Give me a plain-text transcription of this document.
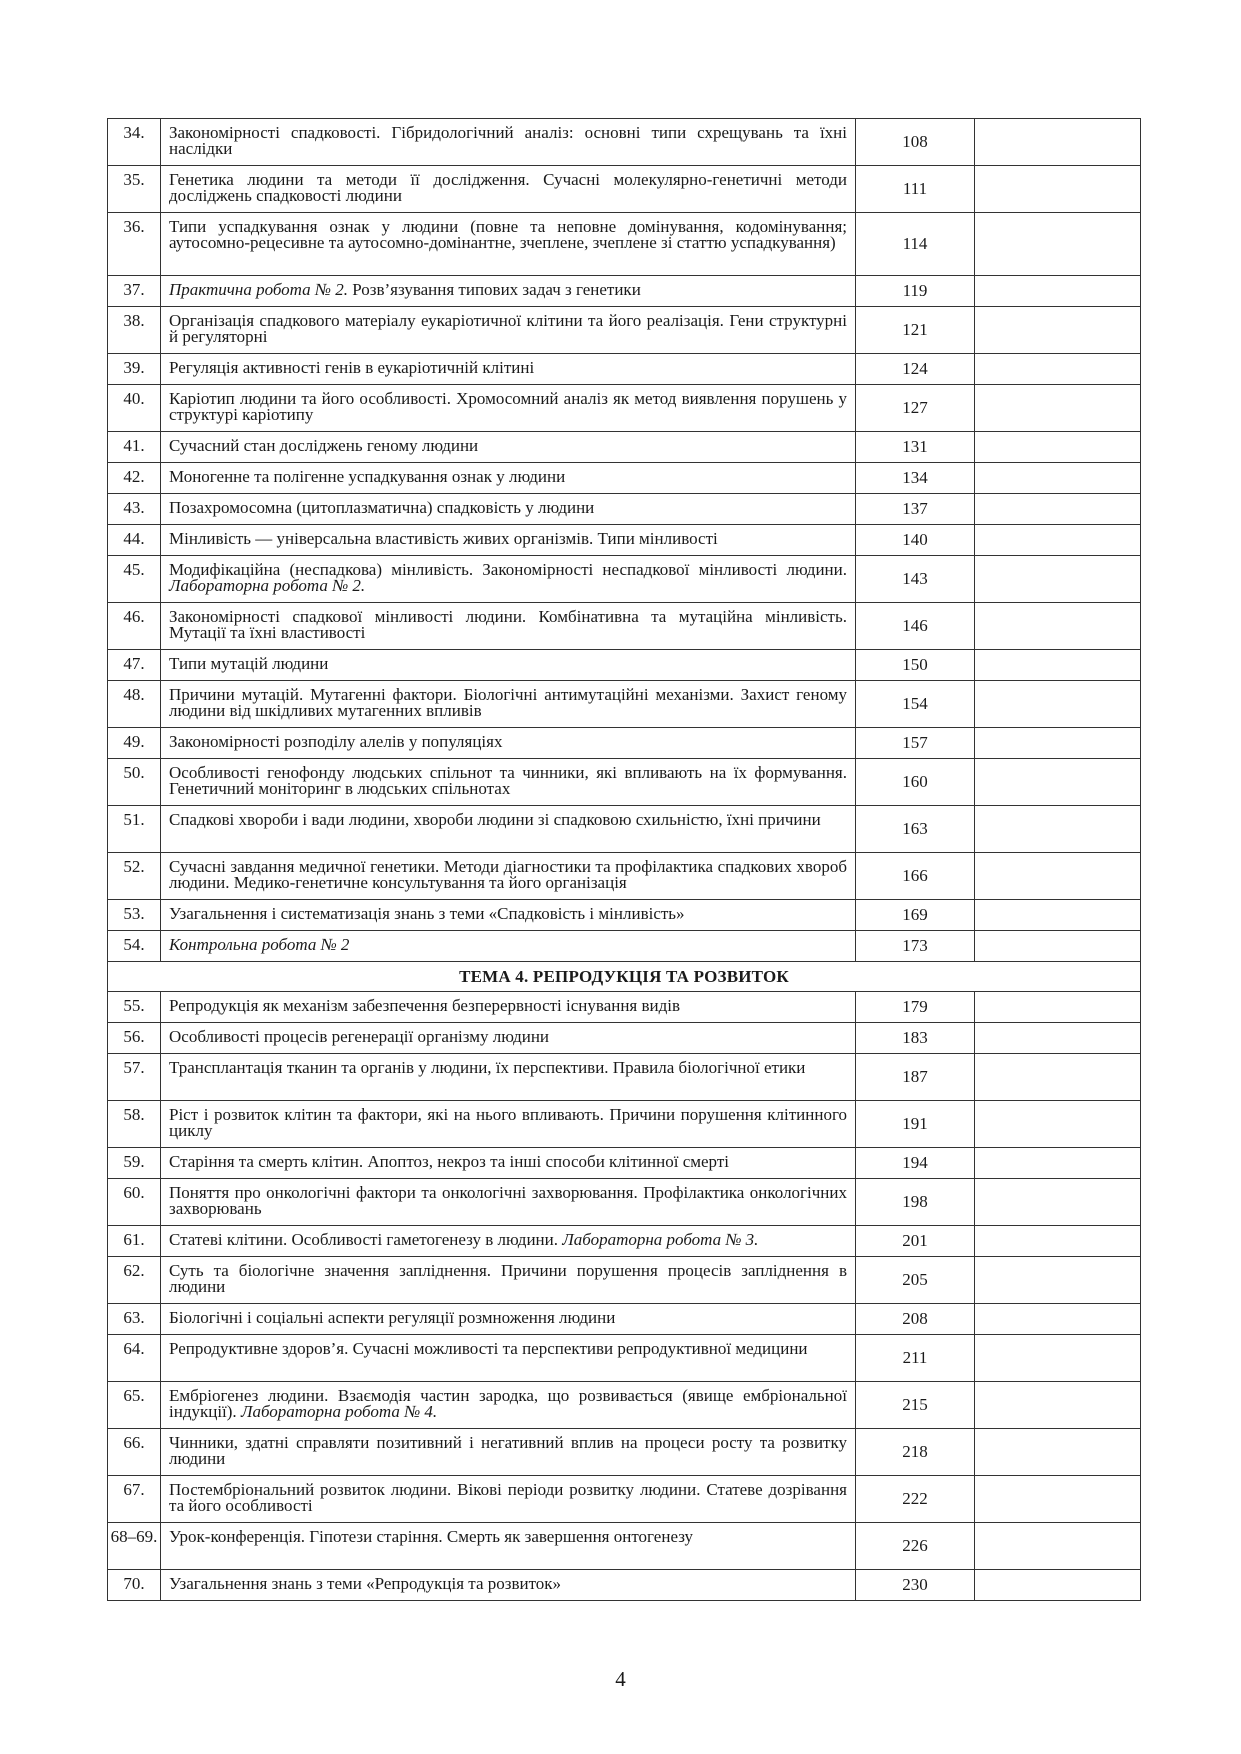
34.	Закономірності спадковості. Гібридологічний аналіз: основні типи схрещувань та їхні наслідки	108	
35.	Генетика людини та методи її дослідження. Сучасні молекулярно-генетичні методи досліджень спадковості людини	111	
36.	Типи успадкування ознак у людини (повне та неповне домінування, кодомінування; аутосомно-рецесивне та аутосомно-домінантне, зчеплене, зчеплене зі статтю успадкування)	114	
37.	Практична робота № 2. Розв’язування типових задач з генетики	119	
38.	Організація спадкового матеріалу еукаріотичної клітини та його реалізація. Гени структурні й регуляторні	121	
39.	Регуляція активності генів в еукаріотичній клітині	124	
40.	Каріотип людини та його особливості. Хромосомний аналіз як метод виявлення порушень у структурі каріотипу	127	
41.	Сучасний стан досліджень геному людини	131	
42.	Моногенне та полігенне успадкування ознак у людини	134	
43.	Позахромосомна (цитоплазматична) спадковість у людини	137	
44.	Мінливість — універсальна властивість живих організмів. Типи мінливості	140	
45.	Модифікаційна (неспадкова) мінливість. Закономірності неспадкової мінливості людини. Лабораторна робота № 2.	143	
46.	Закономірності спадкової мінливості людини. Комбінативна та мутаційна мінливість. Мутації та їхні властивості	146	
47.	Типи мутацій людини	150	
48.	Причини мутацій. Мутагенні фактори. Біологічні антимутаційні механізми. Захист геному людини від шкідливих мутагенних впливів	154	
49.	Закономірності розподілу алелів у популяціях	157	
50.	Особливості генофонду людських спільнот та чинники, які впливають на їх формування. Генетичний моніторинг в людських спільнотах	160	
51.	Спадкові хвороби і вади людини, хвороби людини зі спадковою схильністю, їхні причини	163	
52.	Сучасні завдання медичної генетики. Методи діагностики та профілактика спадкових хвороб людини. Медико-генетичне консультування та його організація	166	
53.	Узагальнення і систематизація знань з теми «Спадковість і мінливість»	169	
54.	Контрольна робота № 2	173	
ТЕМА 4. РЕПРОДУКЦІЯ ТА РОЗВИТОК			
55.	Репродукція як механізм забезпечення безперервності існування видів	179	
56.	Особливості процесів регенерації організму людини	183	
57.	Трансплантація тканин та органів у людини, їх перспективи. Правила біологічної етики	187	
58.	Ріст і розвиток клітин та фактори, які на нього впливають. Причини порушення клітинного циклу	191	
59.	Старіння та смерть клітин. Апоптоз, некроз та інші способи клітинної смерті	194	
60.	Поняття про онкологічні фактори та онкологічні захворювання. Профілактика онкологічних захворювань	198	
61.	Статеві клітини. Особливості гаметогенезу в людини. Лабораторна робота № 3.	201	
62.	Суть та біологічне значення запліднення. Причини порушення процесів запліднення в людини	205	
63.	Біологічні і соціальні аспекти регуляції розмноження людини	208	
64.	Репродуктивне здоров’я. Сучасні можливості та перспективи репродуктивної медицини	211	
65.	Ембріогенез людини. Взаємодія частин зародка, що розвивається (явище ембріональної індукції). Лабораторна робота № 4.	215	
66.	Чинники, здатні справляти позитивний і негативний вплив на процеси росту та розвитку людини	218	
67.	Постембріональний розвиток людини. Вікові періоди розвитку людини. Статеве дозрівання та його особливості	222	
68–69.	Урок-конференція. Гіпотези старіння. Смерть як завершення онтогенезу	226	
70.	Узагальнення знань з теми «Репродукція та розвиток»	230	
4
